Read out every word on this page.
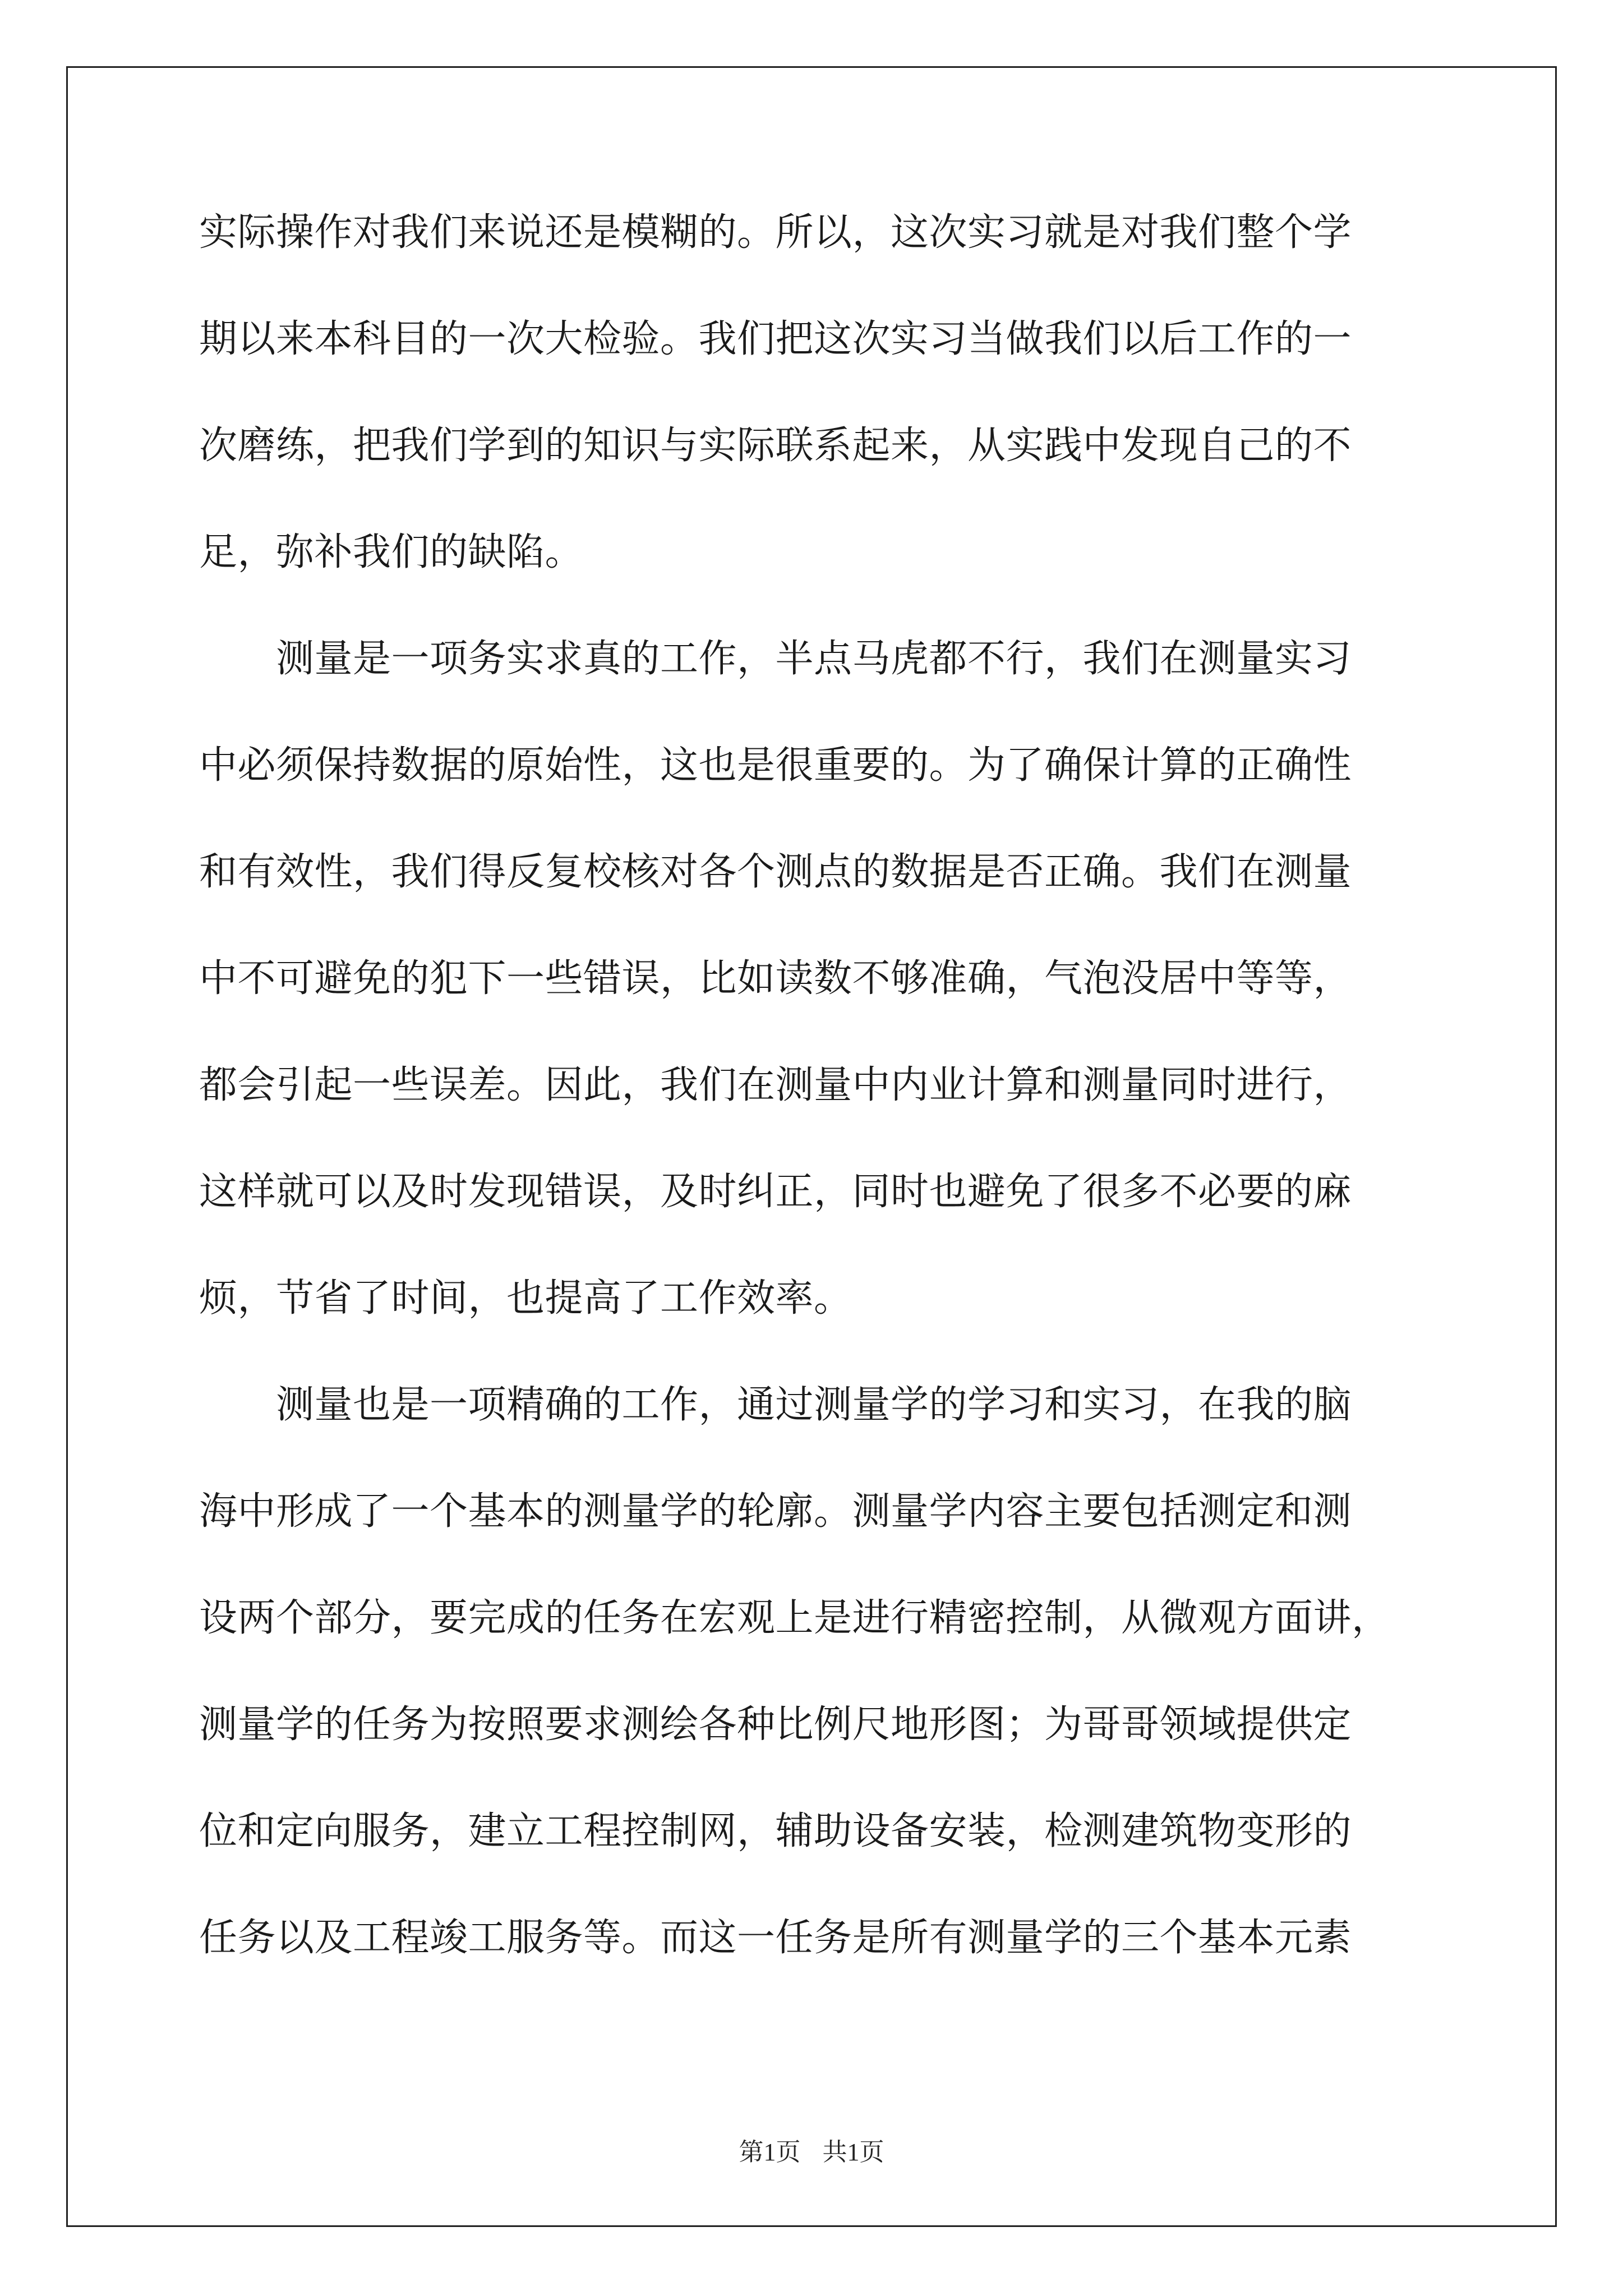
实际操作对我们来说还是模糊的。所以，这次实习就是对我们整个学
期以来本科目的一次大检验。我们把这次实习当做我们以后工作的一
次磨练，把我们学到的知识与实际联系起来，从实践中发现自己的不
足，弥补我们的缺陷。
　　测量是一项务实求真的工作，半点马虎都不行，我们在测量实习
中必须保持数据的原始性，这也是很重要的。为了确保计算的正确性
和有效性，我们得反复校核对各个测点的数据是否正确。我们在测量
中不可避免的犯下一些错误，比如读数不够准确，气泡没居中等等，
都会引起一些误差。因此，我们在测量中内业计算和测量同时进行，
这样就可以及时发现错误，及时纠正，同时也避免了很多不必要的麻
烦，节省了时间，也提高了工作效率。
　　测量也是一项精确的工作，通过测量学的学习和实习，在我的脑
海中形成了一个基本的测量学的轮廓。测量学内容主要包括测定和测
设两个部分，要完成的任务在宏观上是进行精密控制，从微观方面讲，
测量学的任务为按照要求测绘各种比例尺地形图；为哥哥领域提供定
位和定向服务，建立工程控制网，辅助设备安装，检测建筑物变形的
任务以及工程竣工服务等。而这一任务是所有测量学的三个基本元素
第1页 共1页
